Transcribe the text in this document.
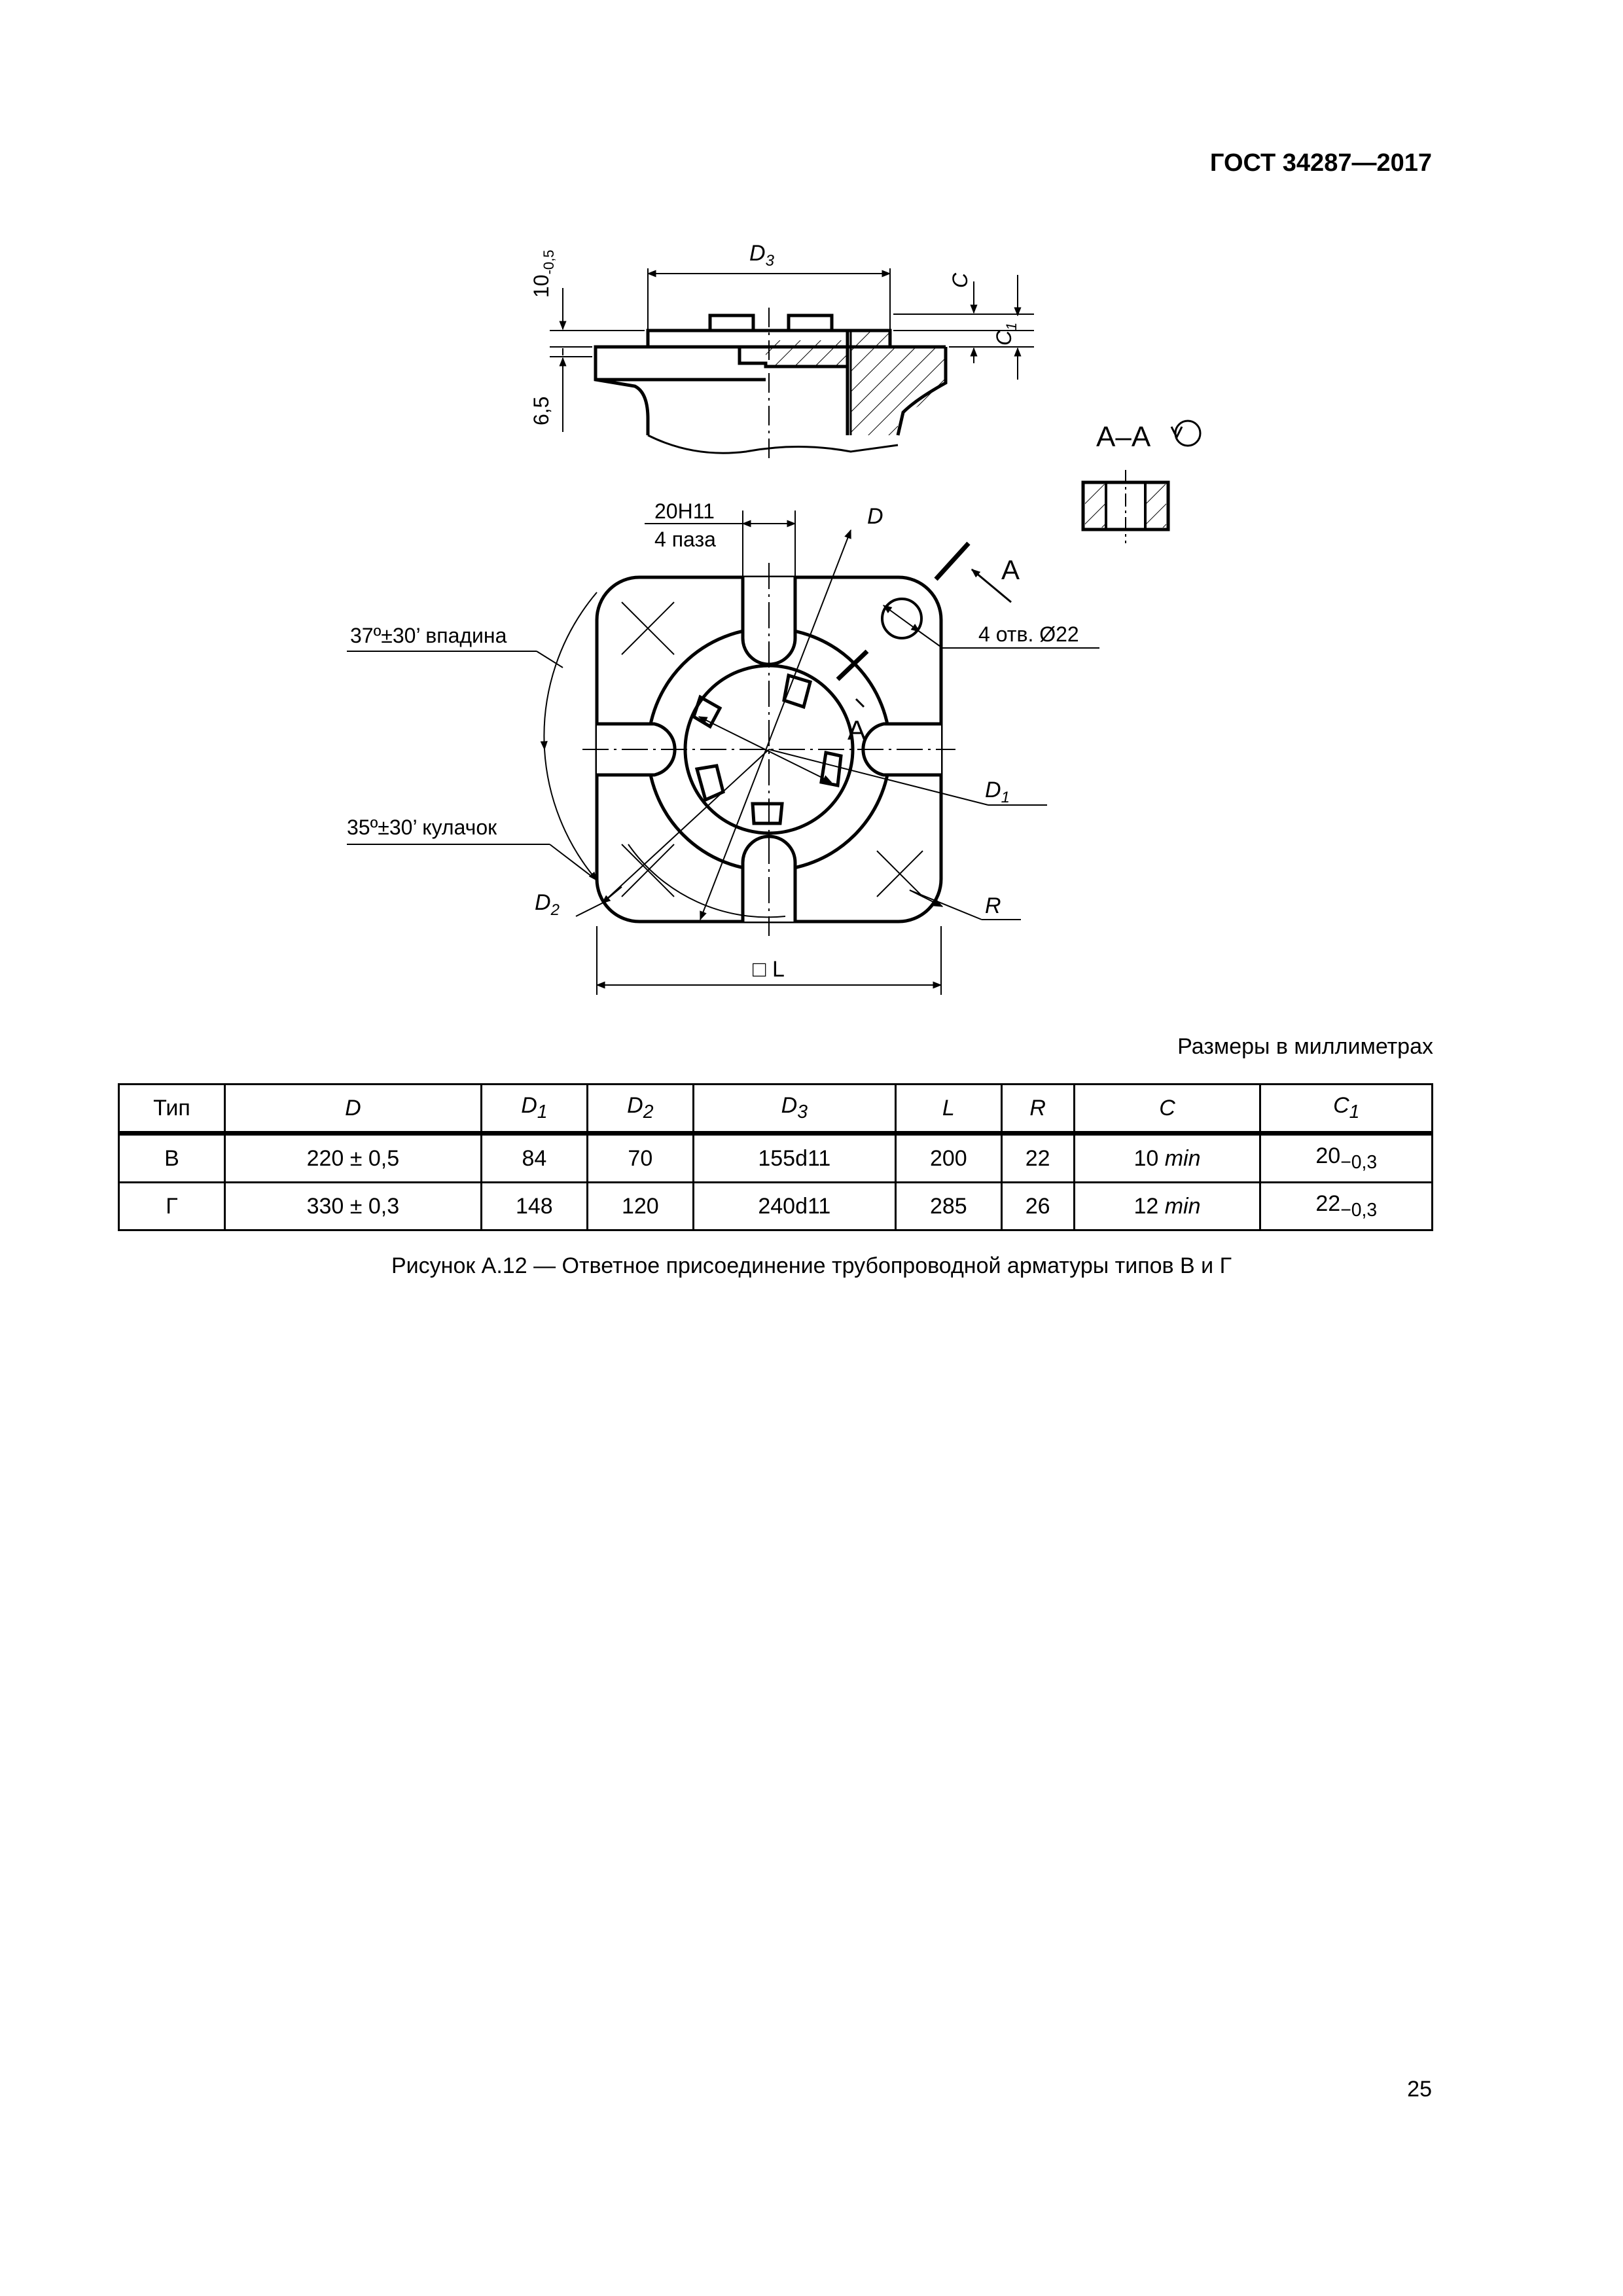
ГОСТ 34287—2017
$D_3$
$10_{-0,5}$
6,5
C
$C_1$
А–А
20H11
4 паза
D
А
А
4 отв. Ø22
37º±30’ впадина
35º±30’ кулачок
$D_1$
$D_2$	R
□ L
Размеры в миллиметрах
Тип	D	$D_1$	$D_2$	$D_3$	L	R	C	$C_1$
В	220 ± 0,5	84	70	155d11	200	22	10 min	$20_{-0,3}$
Г	330 ± 0,3	148	120	240d11	285	26	12 min	$22_{-0,3}$
Рисунок А.12 — Ответное присоединение трубопроводной арматуры типов В и Г
25
